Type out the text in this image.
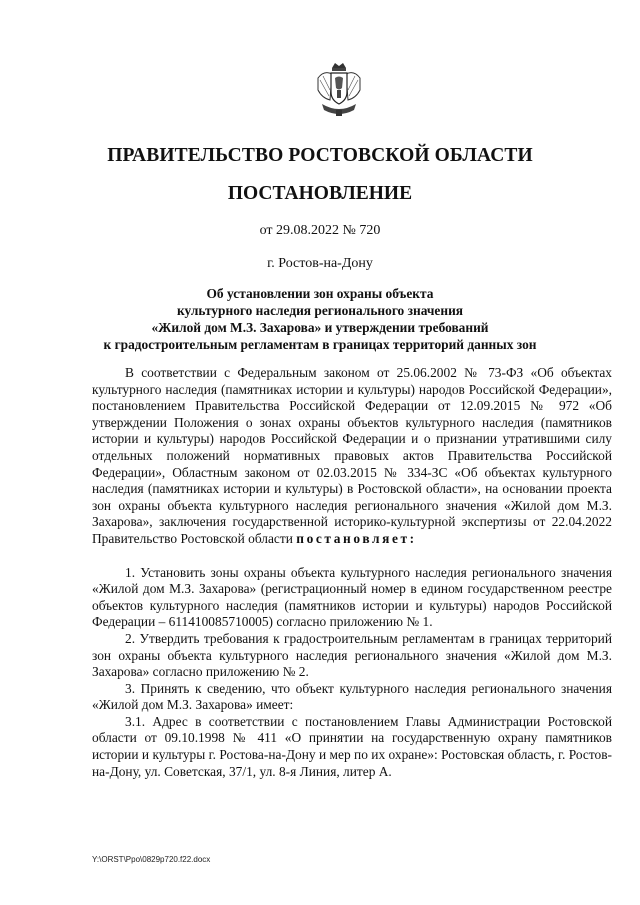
ПРАВИТЕЛЬСТВО РОСТОВСКОЙ ОБЛАСТИ
ПОСТАНОВЛЕНИЕ
от 29.08.2022 № 720
г. Ростов-на-Дону
Об установлении зон охраны объекта
культурного наследия регионального значения
«Жилой дом М.З. Захарова» и утверждении требований
к градостроительным регламентам в границах территорий данных зон
В соответствии с Федеральным законом от 25.06.2002 № 73-ФЗ «Об объектах культурного наследия (памятниках истории и культуры) народов Российской Федерации», постановлением Правительства Российской Федерации от 12.09.2015 № 972 «Об утверждении Положения о зонах охраны объектов культурного наследия (памятников истории и культуры) народов Российской Федерации и о признании утратившими силу отдельных положений нормативных правовых актов Правительства Российской Федерации», Областным законом от 02.03.2015 № 334-ЗС «Об объектах культурного наследия (памятниках истории и культуры) в Ростовской области», на основании проекта зон охраны объекта культурного наследия регионального значения «Жилой дом М.З. Захарова», заключения государственной историко-культурной экспертизы от 22.04.2022 Правительство Ростовской области постановляет:
1. Установить зоны охраны объекта культурного наследия регионального значения «Жилой дом М.З. Захарова» (регистрационный номер в едином государственном реестре объектов культурного наследия (памятников истории и культуры) народов Российской Федерации – 611410085710005) согласно приложению № 1.
2. Утвердить требования к градостроительным регламентам в границах территорий зон охраны объекта культурного наследия регионального значения «Жилой дом М.З. Захарова» согласно приложению № 2.
3. Принять к сведению, что объект культурного наследия регионального значения «Жилой дом М.З. Захарова» имеет:
3.1. Адрес в соответствии с постановлением Главы Администрации Ростовской области от 09.10.1998 № 411 «О принятии на государственную охрану памятников истории и культуры г. Ростова-на-Дону и мер по их охране»: Ростовская область, г. Ростов-на-Дону, ул. Советская, 37/1, ул. 8-я Линия, литер А.
Y:\ORST\Ppo\0829p720.f22.docx
